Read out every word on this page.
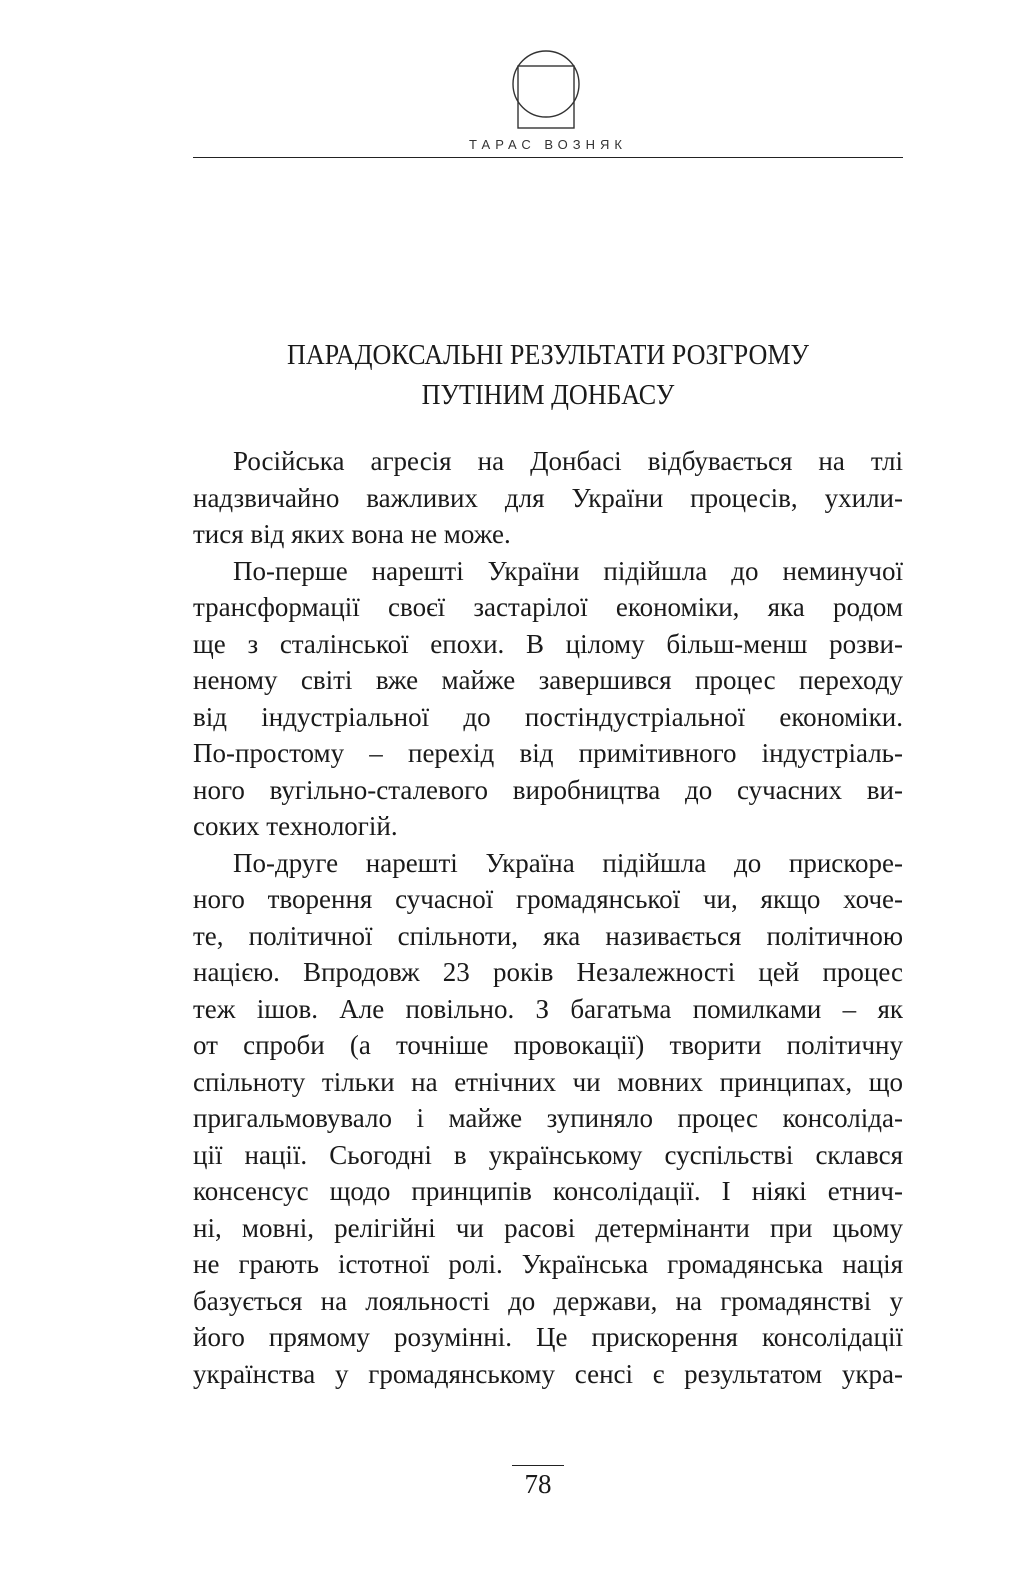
ТАРАС ВОЗНЯК
ПАРАДОКСАЛЬНІ РЕЗУЛЬТАТИ РОЗГРОМУ
ПУТІНИМ ДОНБАСУ
Російська агресія на Донбасі відбувається на тлі
надзвичайно важливих для України процесів, ухили-
тися від яких вона не може.
По-перше нарешті України підійшла до неминучої
трансформації своєї застарілої економіки, яка родом
ще з сталінської епохи. В цілому більш-менш розви-
неному світі вже майже завершився процес переходу
від індустріальної до постіндустріальної економіки.
По-простому – перехід від примітивного індустріаль-
ного вугільно-сталевого виробництва до сучасних ви-
соких технологій.
По-друге нарешті Україна підійшла до прискоре-
ного творення сучасної громадянської чи, якщо хоче-
те, політичної спільноти, яка називається політичною
нацією. Впродовж 23 років Незалежності цей процес
теж ішов. Але повільно. З багатьма помилками – як
от спроби (а точніше провокації) творити політичну
спільноту тільки на етнічних чи мовних принципах, що
пригальмовувало і майже зупиняло процес консоліда-
ції нації. Сьогодні в українському суспільстві склався
консенсус щодо принципів консолідації. І ніякі етнич-
ні, мовні, релігійні чи расові детермінанти при цьому
не грають істотної ролі. Українська громадянська нація
базується на лояльності до держави, на громадянстві у
його прямому розумінні. Це прискорення консолідації
українства у громадянському сенсі є результатом укра-
78
